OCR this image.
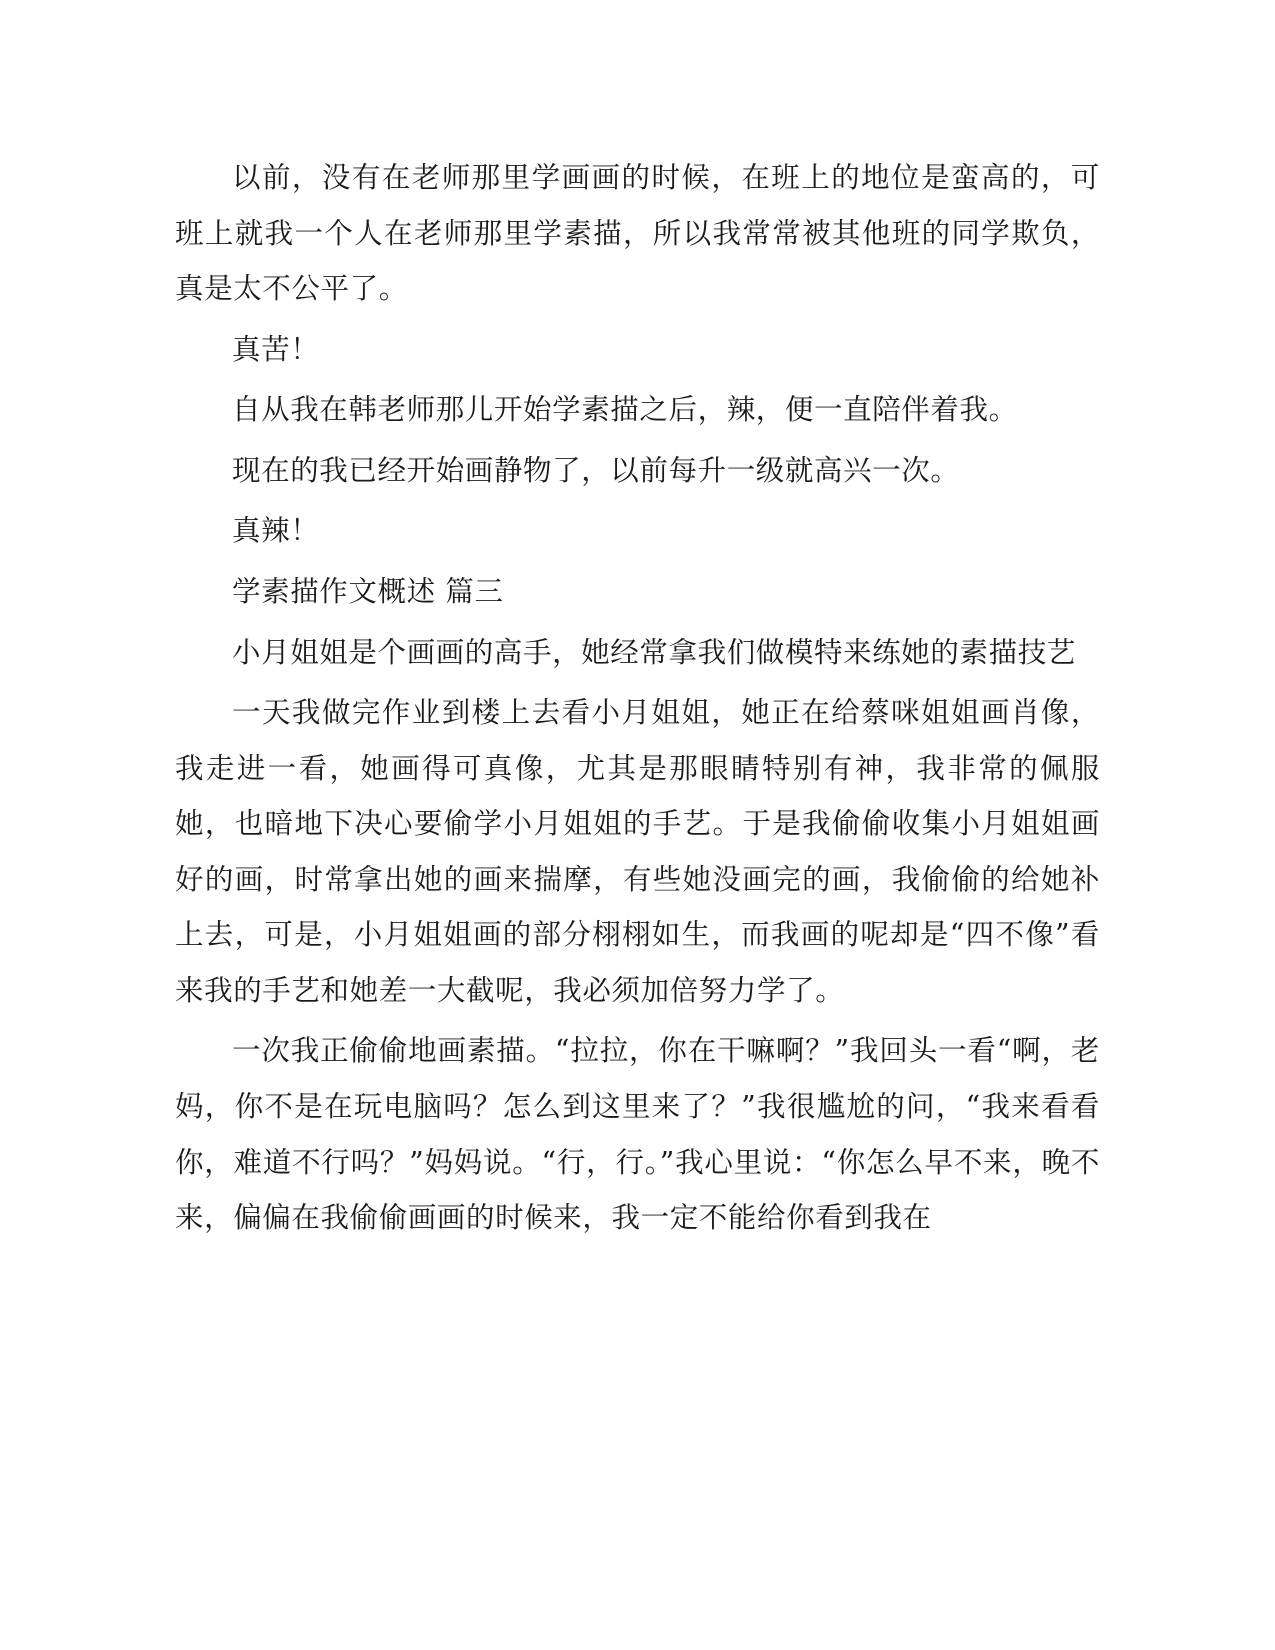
以前，没有在老师那里学画画的时候，在班上的地位是蛮高的，可班上就我一个人在老师那里学素描，所以我常常被其他班的同学欺负，真是太不公平了。

真苦！

自从我在韩老师那儿开始学素描之后，辣，便一直陪伴着我。

现在的我已经开始画静物了，以前每升一级就高兴一次。

真辣！

学素描作文概述 篇三

小月姐姐是个画画的高手，她经常拿我们做模特来练她的素描技艺

一天我做完作业到楼上去看小月姐姐，她正在给蔡咪姐姐画肖像，我走进一看，她画得可真像，尤其是那眼睛特别有神，我非常的佩服她，也暗地下决心要偷学小月姐姐的手艺。于是我偷偷收集小月姐姐画好的画，时常拿出她的画来揣摩，有些她没画完的画，我偷偷的给她补上去，可是，小月姐姐画的部分栩栩如生，而我画的呢却是“四不像”看来我的手艺和她差一大截呢，我必须加倍努力学了。

一次我正偷偷地画素描。“拉拉，你在干嘛啊？”我回头一看“啊，老妈，你不是在玩电脑吗？怎么到这里来了？”我很尴尬的问，“我来看看你，难道不行吗？”妈妈说。“行，行。”我心里说：“你怎么早不来，晚不来，偏偏在我偷偷画画的时候来，我一定不能给你看到我在
